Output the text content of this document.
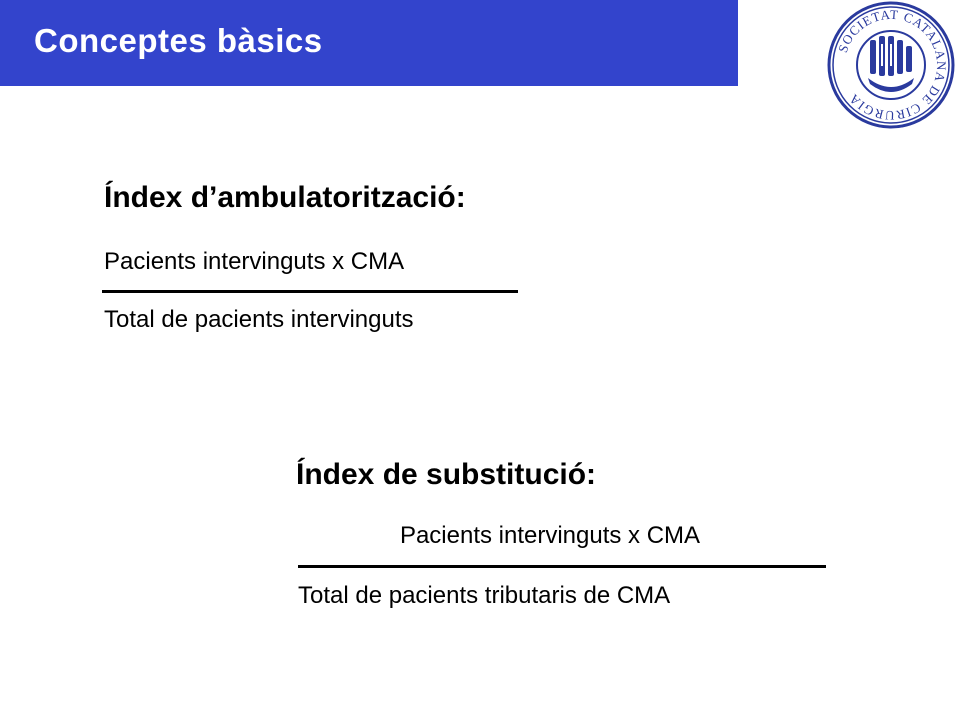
Conceptes bàsics	SOCIETAT CATALANA DE CIRURGIA
Índex d’ambulatorització:
Pacients intervinguts x CMA
Total de pacients intervinguts
Índex de substitució:
Pacients intervinguts x CMA
Total de pacients tributaris de CMA
